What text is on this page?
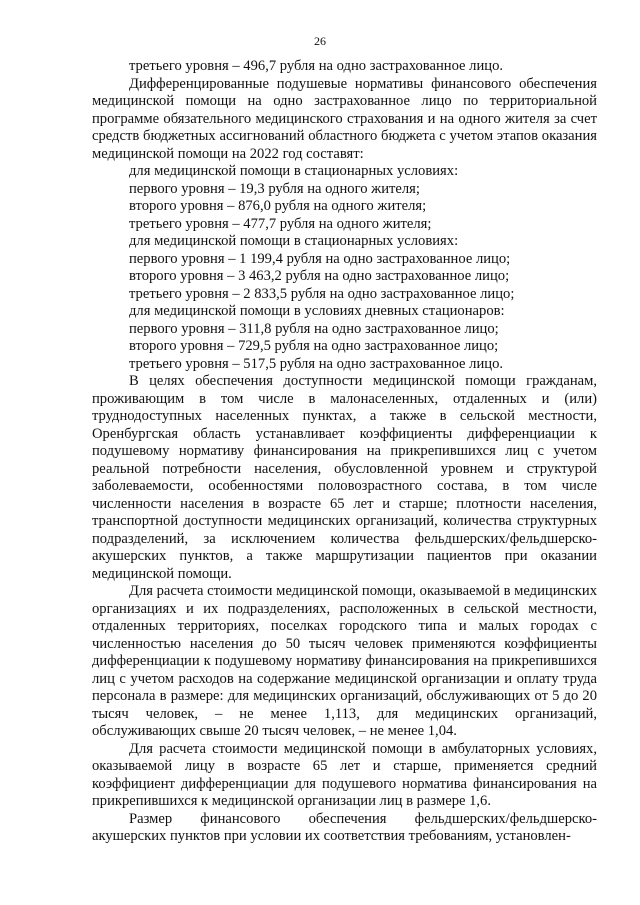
26

третьего уровня – 496,7 рубля на одно застрахованное лицо.

Дифференцированные подушевые нормативы финансового обеспечения медицинской помощи на одно застрахованное лицо по территориальной программе обязательного медицинского страхования и на одного жителя за счет средств бюджетных ассигнований областного бюджета с учетом этапов оказания медицинской помощи на 2022 год составят:

для медицинской помощи в стационарных условиях:

первого уровня – 19,3 рубля на одного жителя;

второго уровня – 876,0 рубля на одного жителя;

третьего уровня – 477,7 рубля на одного жителя;

для медицинской помощи в стационарных условиях:

первого уровня – 1 199,4 рубля на одно застрахованное лицо;

второго уровня – 3 463,2 рубля на одно застрахованное лицо;

третьего уровня – 2 833,5 рубля на одно застрахованное лицо;

для медицинской помощи в условиях дневных стационаров:

первого уровня – 311,8 рубля на одно застрахованное лицо;

второго уровня – 729,5 рубля на одно застрахованное лицо;

третьего уровня – 517,5 рубля на одно застрахованное лицо.

В целях обеспечения доступности медицинской помощи гражданам, проживающим в том числе в малонаселенных, отдаленных и (или) труднодоступных населенных пунктах, а также в сельской местности, Оренбургская область устанавливает коэффициенты дифференциации к подушевому нормативу финансирования на прикрепившихся лиц с учетом реальной потребности населения, обусловленной уровнем и структурой заболеваемости, особенностями половозрастного состава, в том числе численности населения в возрасте 65 лет и старше; плотности населения, транспортной доступности медицинских организаций, количества структурных подразделений, за исключением количества фельдшерских/фельдшерско-акушерских пунктов, а также маршрутизации пациентов при оказании медицинской помощи.

Для расчета стоимости медицинской помощи, оказываемой в медицинских организациях и их подразделениях, расположенных в сельской местности, отдаленных территориях, поселках городского типа и малых городах с численностью населения до 50 тысяч человек применяются коэффициенты дифференциации к подушевому нормативу финансирования на прикрепившихся лиц с учетом расходов на содержание медицинской организации и оплату труда персонала в размере: для медицинских организаций, обслуживающих от 5 до 20 тысяч человек, – не менее 1,113, для медицинских организаций, обслуживающих свыше 20 тысяч человек, – не менее 1,04.

Для расчета стоимости медицинской помощи в амбулаторных условиях, оказываемой лицу в возрасте 65 лет и старше, применяется средний коэффициент дифференциации для подушевого норматива финансирования на прикрепившихся к медицинской организации лиц в размере 1,6.

Размер финансового обеспечения фельдшерских/фельдшерско-акушерских пунктов при условии их соответствия требованиям, установлен-
